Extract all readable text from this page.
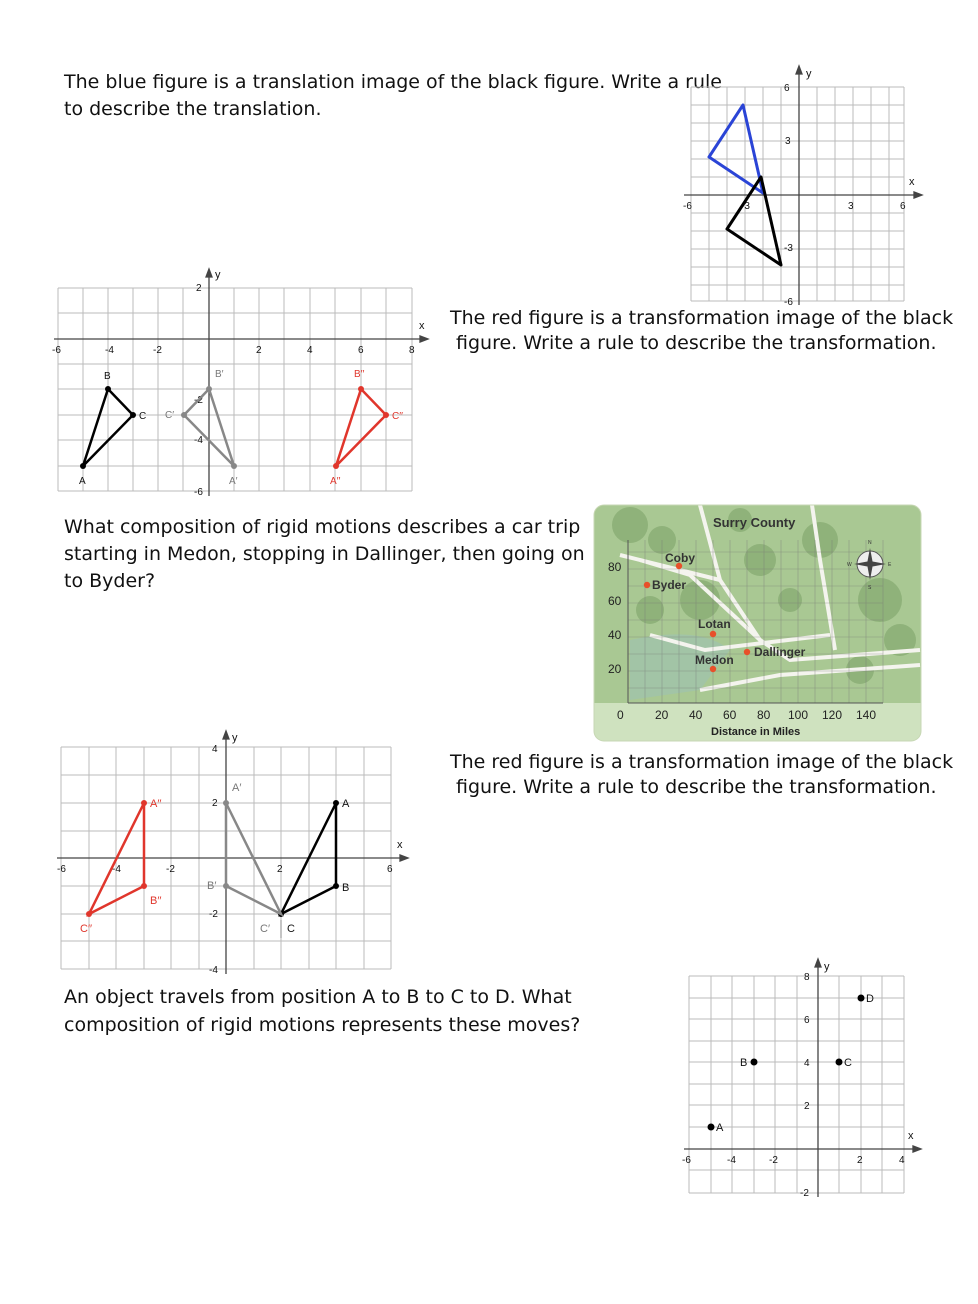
The blue figure is a translation image of the black figure. Write a rule
to describe the translation.
The red figure is a transformation image of the black
figure. Write a rule to describe the transformation.
What composition of rigid motions describes a car trip
starting in Medon, stopping in Dallinger, then going on
to Byder?
The red figure is a transformation image of the black
figure. Write a rule to describe the transformation.
An object travels from position A to B to C to D. What
composition of rigid motions represents these moves?
y
x
6
3
-3
-6
-6	-3	3	6
y
x
2
-2
-4
-6
-6	-4	-2	2	4	6	8
A
B
C
A′
B′
C′
A′′
B′′
C′′
80
60
40
20
0	20 40 60 80 100 120 140
Distance in Miles
Surry County
N
E
W
S
Coby
Byder
Lotan
Dallinger
Medon
y
x
4
2
-2
-4
-6	-4	-2	2	6
A
B
C
A′
B′
C′
A′′
B′′
C′′
y
x
8
6
4
2
-2
-6	-4	-2	2	4
A
B	C
D
